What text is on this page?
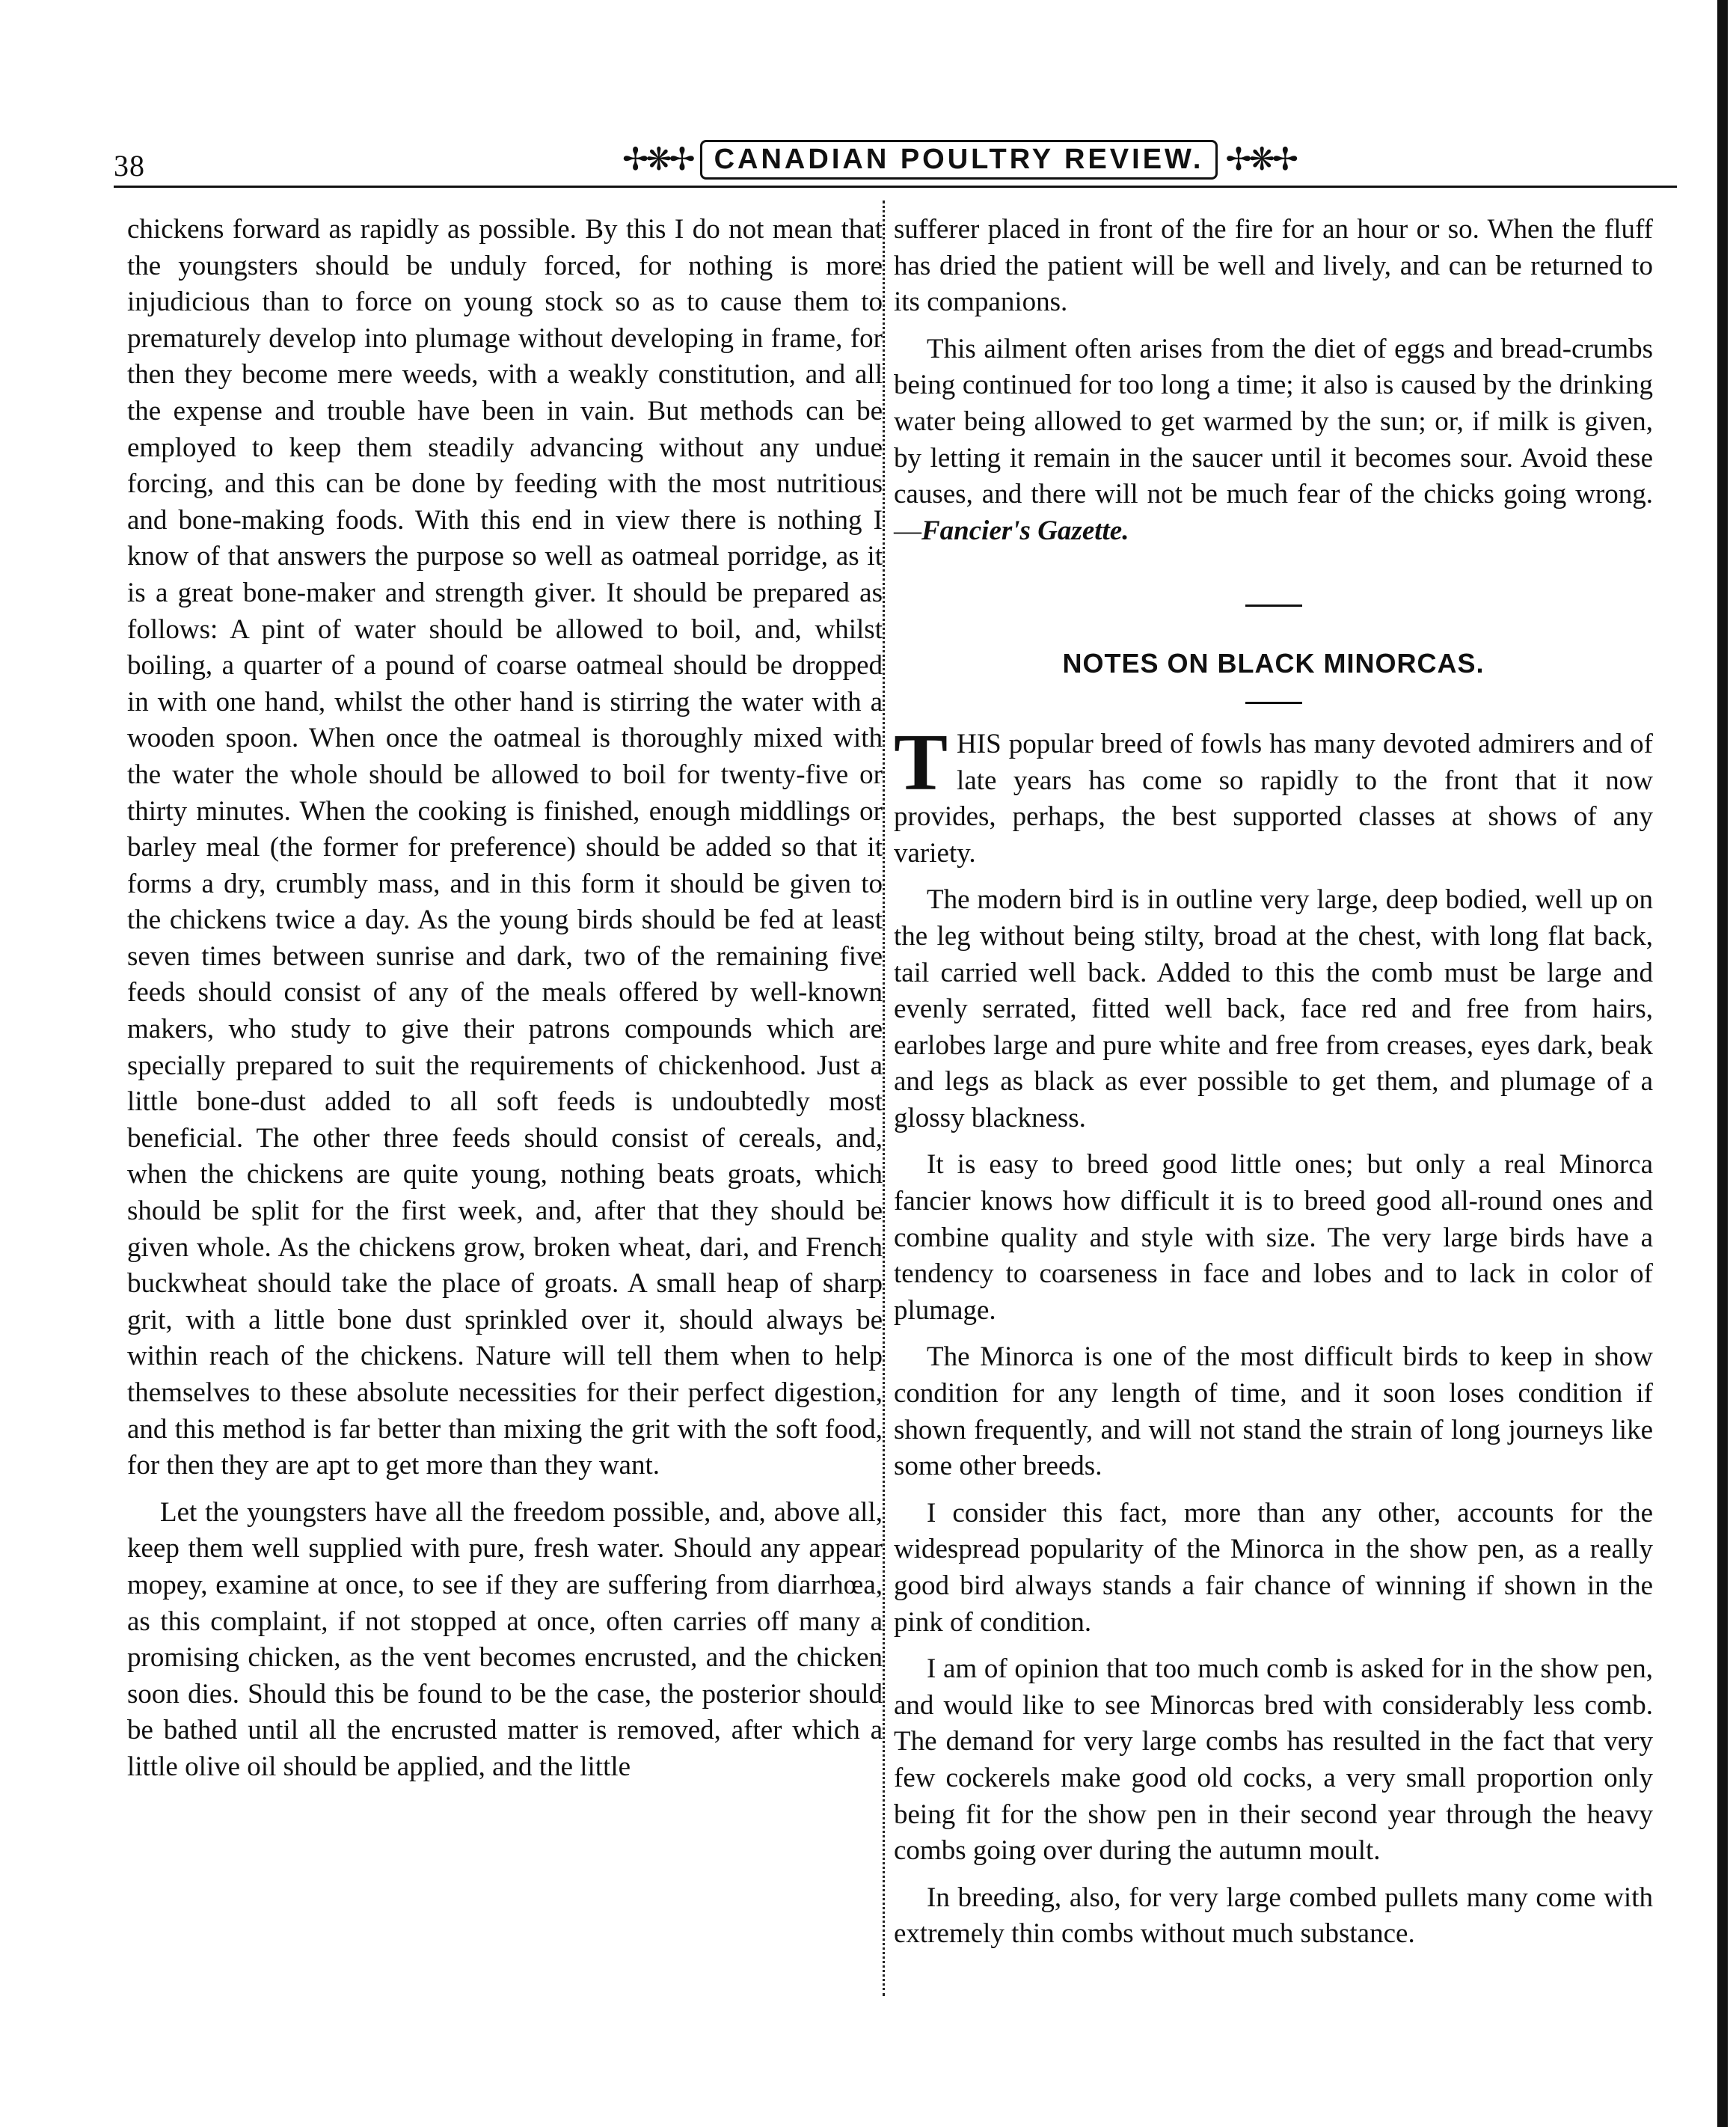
38	✢❋✢ CANADIAN POULTRY REVIEW. ✢❋✢

chickens forward as rapidly as possible. By this I do not mean that the youngsters should be unduly forced, for nothing is more injudicious than to force on young stock so as to cause them to prematurely develop into plumage without developing in frame, for then they become mere weeds, with a weakly constitution, and all the expense and trouble have been in vain. But methods can be employed to keep them steadily advancing without any undue forcing, and this can be done by feeding with the most nutritious and bone-making foods. With this end in view there is nothing I know of that answers the purpose so well as oatmeal porridge, as it is a great bone-maker and strength giver. It should be prepared as follows: A pint of water should be allowed to boil, and, whilst boiling, a quarter of a pound of coarse oatmeal should be dropped in with one hand, whilst the other hand is stirring the water with a wooden spoon. When once the oatmeal is thoroughly mixed with the water the whole should be allowed to boil for twenty-five or thirty minutes. When the cooking is finished, enough middlings or barley meal (the former for preference) should be added so that it forms a dry, crumbly mass, and in this form it should be given to the chickens twice a day. As the young birds should be fed at least seven times between sunrise and dark, two of the remaining five feeds should consist of any of the meals offered by well-known makers, who study to give their patrons compounds which are specially prepared to suit the requirements of chickenhood. Just a little bone-dust added to all soft feeds is undoubtedly most beneficial. The other three feeds should consist of cereals, and, when the chickens are quite young, nothing beats groats, which should be split for the first week, and, after that they should be given whole. As the chickens grow, broken wheat, dari, and French buckwheat should take the place of groats. A small heap of sharp grit, with a little bone dust sprinkled over it, should always be within reach of the chickens. Nature will tell them when to help themselves to these absolute necessities for their perfect digestion, and this method is far better than mixing the grit with the soft food, for then they are apt to get more than they want.

Let the youngsters have all the freedom possible, and, above all, keep them well supplied with pure, fresh water. Should any appear mopey, examine at once, to see if they are suffering from diarrhœa, as this complaint, if not stopped at once, often carries off many a promising chicken, as the vent becomes encrusted, and the chicken soon dies. Should this be found to be the case, the posterior should be bathed until all the encrusted matter is removed, after which a little olive oil should be applied, and the little

sufferer placed in front of the fire for an hour or so. When the fluff has dried the patient will be well and lively, and can be returned to its companions.

This ailment often arises from the diet of eggs and bread-crumbs being continued for too long a time; it also is caused by the drinking water being allowed to get warmed by the sun; or, if milk is given, by letting it remain in the saucer until it becomes sour. Avoid these causes, and there will not be much fear of the chicks going wrong.—Fancier's Gazette.

NOTES ON BLACK MINORCAS.

THIS popular breed of fowls has many devoted admirers and of late years has come so rapidly to the front that it now provides, perhaps, the best supported classes at shows of any variety.

The modern bird is in outline very large, deep bodied, well up on the leg without being stilty, broad at the chest, with long flat back, tail carried well back. Added to this the comb must be large and evenly serrated, fitted well back, face red and free from hairs, earlobes large and pure white and free from creases, eyes dark, beak and legs as black as ever possible to get them, and plumage of a glossy blackness.

It is easy to breed good little ones; but only a real Minorca fancier knows how difficult it is to breed good all-round ones and combine quality and style with size. The very large birds have a tendency to coarseness in face and lobes and to lack in color of plumage.

The Minorca is one of the most difficult birds to keep in show condition for any length of time, and it soon loses condition if shown frequently, and will not stand the strain of long journeys like some other breeds.

I consider this fact, more than any other, accounts for the widespread popularity of the Minorca in the show pen, as a really good bird always stands a fair chance of winning if shown in the pink of condition.

I am of opinion that too much comb is asked for in the show pen, and would like to see Minorcas bred with considerably less comb. The demand for very large combs has resulted in the fact that very few cockerels make good old cocks, a very small proportion only being fit for the show pen in their second year through the heavy combs going over during the autumn moult.

In breeding, also, for very large combed pullets many come with extremely thin combs without much substance.
